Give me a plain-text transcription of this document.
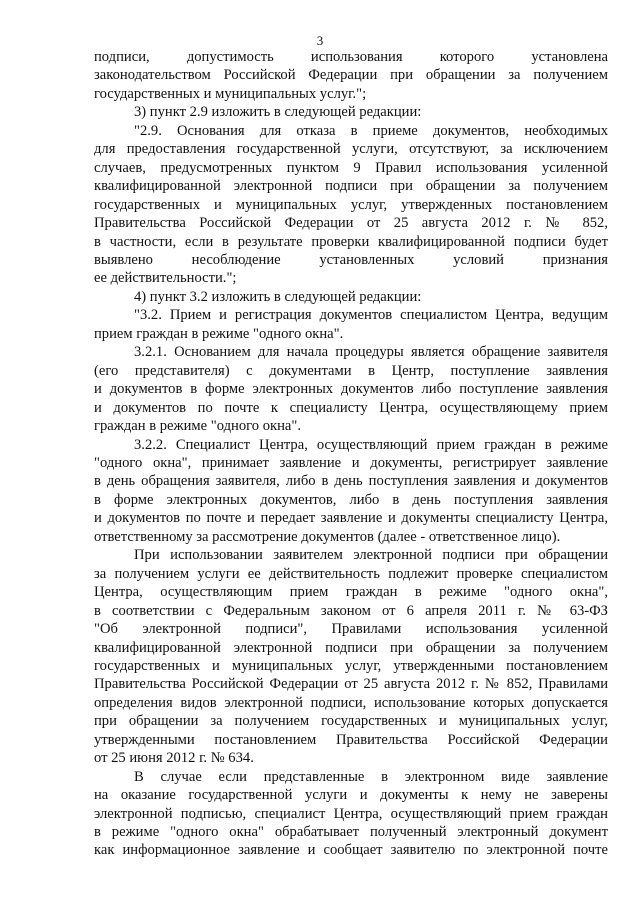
3

подписи, допустимость использования которого установлена

законодательством Российской Федерации при обращении за получением

государственных и муниципальных услуг.";

3) пункт 2.9 изложить в следующей редакции:

"2.9. Основания для отказа в приеме документов, необходимых

для предоставления государственной услуги, отсутствуют, за исключением

случаев, предусмотренных пунктом 9 Правил использования усиленной

квалифицированной электронной подписи при обращении за получением

государственных и муниципальных услуг, утвержденных постановлением

Правительства Российской Федерации от 25 августа 2012 г. № 852,

в частности, если в результате проверки квалифицированной подписи будет

выявлено несоблюдение установленных условий признания

ее действительности.";

4) пункт 3.2 изложить в следующей редакции:

"3.2. Прием и регистрация документов специалистом Центра, ведущим

прием граждан в режиме "одного окна".

3.2.1. Основанием для начала процедуры является обращение заявителя

(его представителя) с документами в Центр, поступление заявления

и документов в форме электронных документов либо поступление заявления

и документов по почте к специалисту Центра, осуществляющему прием

граждан в режиме "одного окна".

3.2.2. Специалист Центра, осуществляющий прием граждан в режиме

"одного окна", принимает заявление и документы, регистрирует заявление

в день обращения заявителя, либо в день поступления заявления и документов

в форме электронных документов, либо в день поступления заявления

и документов по почте и передает заявление и документы специалисту Центра,

ответственному за рассмотрение документов (далее - ответственное лицо).

При использовании заявителем электронной подписи при обращении

за получением услуги ее действительность подлежит проверке специалистом

Центра, осуществляющим прием граждан в режиме "одного окна",

в соответствии с Федеральным законом от 6 апреля 2011 г. № 63-ФЗ

"Об электронной подписи", Правилами использования усиленной

квалифицированной электронной подписи при обращении за получением

государственных и муниципальных услуг, утвержденными постановлением

Правительства Российской Федерации от 25 августа 2012 г. № 852, Правилами

определения видов электронной подписи, использование которых допускается

при обращении за получением государственных и муниципальных услуг,

утвержденными постановлением Правительства Российской Федерации

от 25 июня 2012 г. № 634.

В случае если представленные в электронном виде заявление

на оказание государственной услуги и документы к нему не заверены

электронной подписью, специалист Центра, осуществляющий прием граждан

в режиме "одного окна" обрабатывает полученный электронный документ

как информационное заявление и сообщает заявителю по электронной почте
